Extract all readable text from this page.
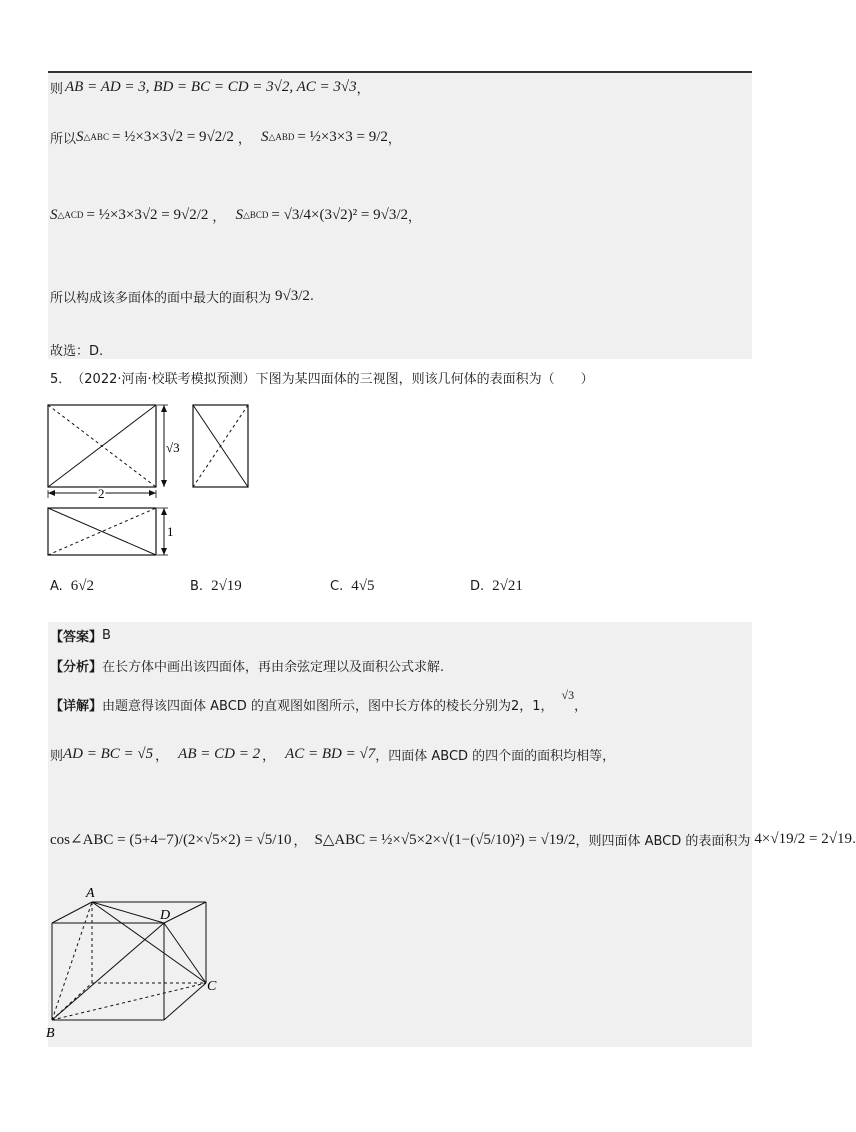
则 AB = AD = 3, BD = BC = CD = 3√2, AC = 3√3 ，
所以 S △ABC = ½×3×3√2 = 9√2/2 ， S △ABD = ½×3×3 = 9/2 ，
S △ACD = ½×3×3√2 = 9√2/2 ， S △BCD = √3/4×(3√2)² = 9√3/2 ，
所以构成该多面体的面中最大的面积为 9√3/2 .
故选：D.
5． （2022·河南·校联考模拟预测） 下图为某四面体的三视图，则该几何体的表面积为（　　）
√3
2
1
A. 6√2	B. 2√19	C. 4√5	D. 2√21
【答案】 B
【分析】 在长方体中画出该四面体，再由余弦定理以及面积公式求解.
【详解】 由题意得该四面体 ABCD 的直观图如图所示，图中长方体的棱长分别为2，1，
√3
，
则 AD = BC = √5 ， AB = CD = 2 ， AC = BD = √7 ，四面体 ABCD 的四个面的面积均相等，
cos∠ABC = (5+4−7)/(2×√5×2) = √5/10 ， S△ABC = ½×√5×2×√(1−(√5/10)²) = √19/2 ，则四面体 ABCD 的表面积为 4×√19/2 = 2√19 .
A
D
C
B
